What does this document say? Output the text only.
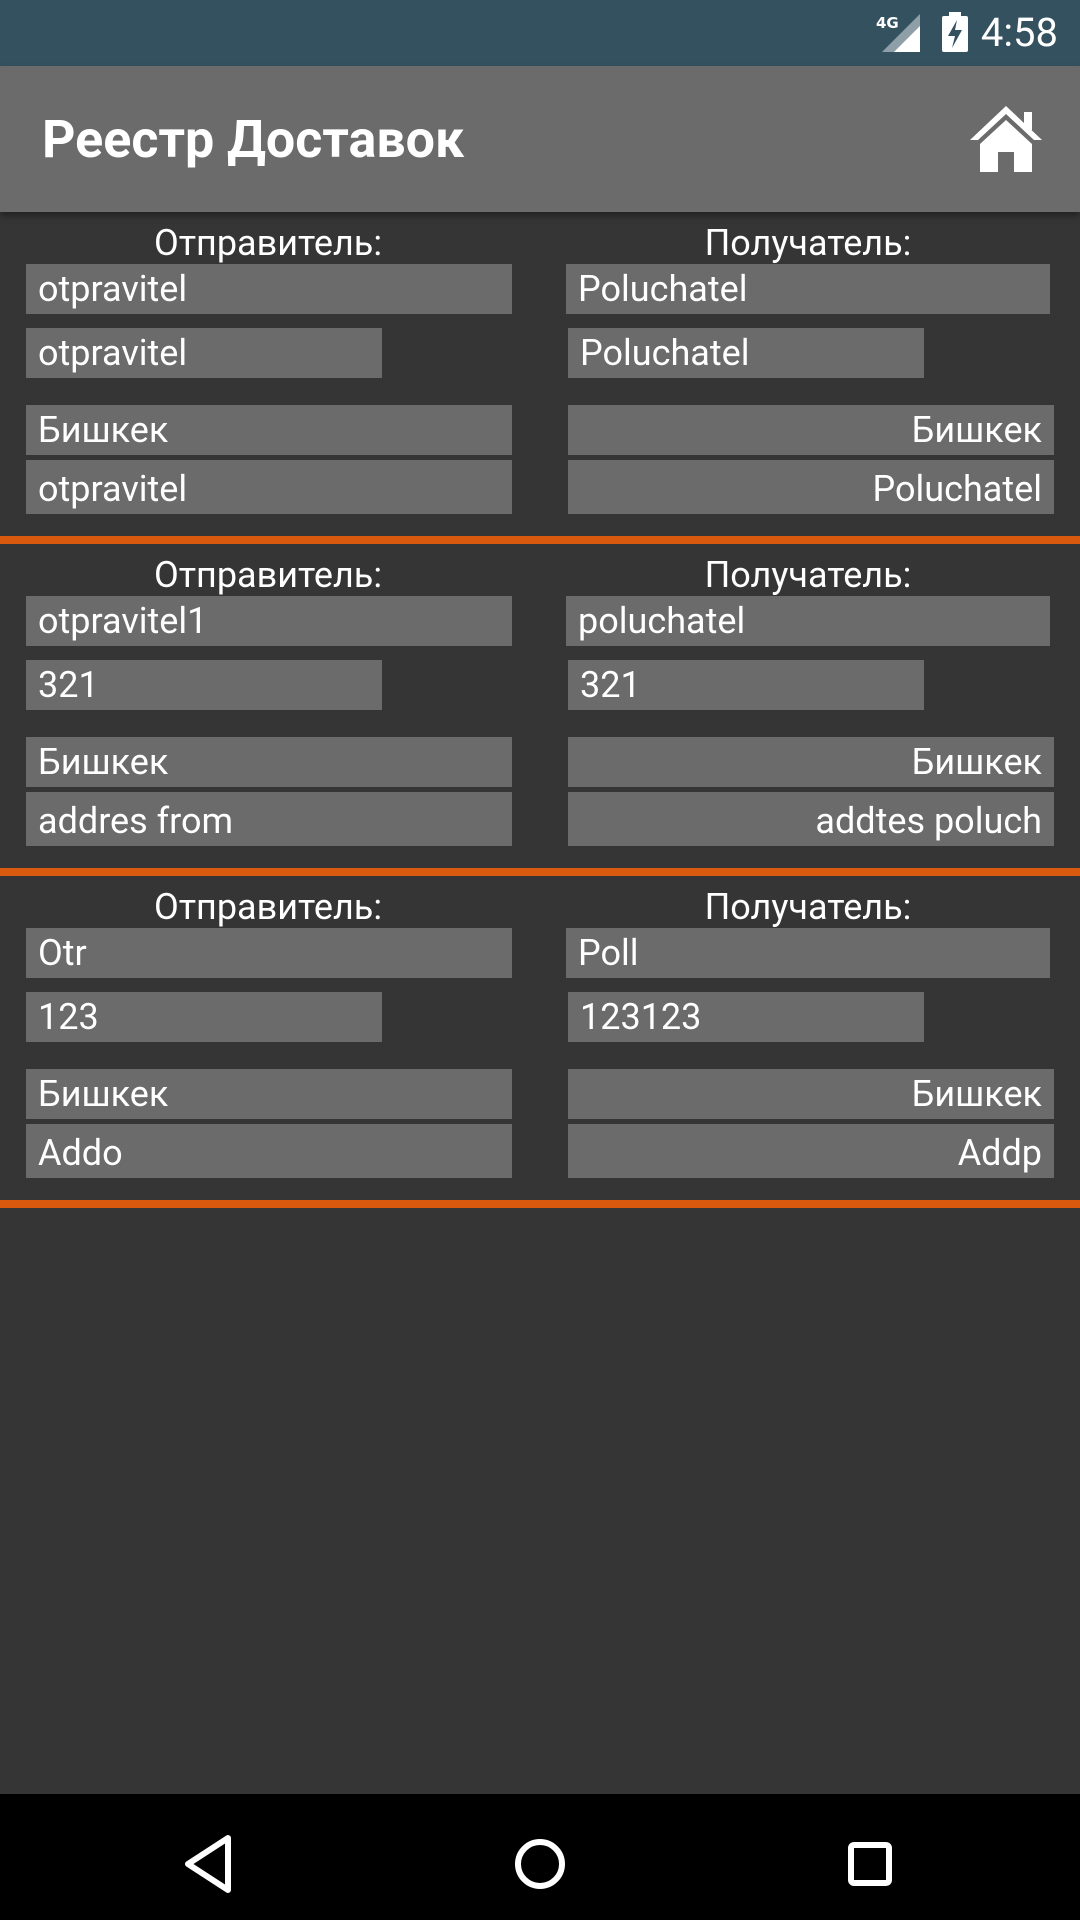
4G 4:58
Реестр Доставок
Отправитель:	Получатель:
otpravitel	Poluchatel
otpravitel	Poluchatel
Бишкек	Бишкек
otpravitel	Poluchatel
Отправитель:	Получатель:
otpravitel1	poluchatel
321	321
Бишкек	Бишкек
addres from	addtes poluch
Отправитель:	Получатель:
Otr	Poll
123	123123
Бишкек	Бишкек
Addo	Addp
